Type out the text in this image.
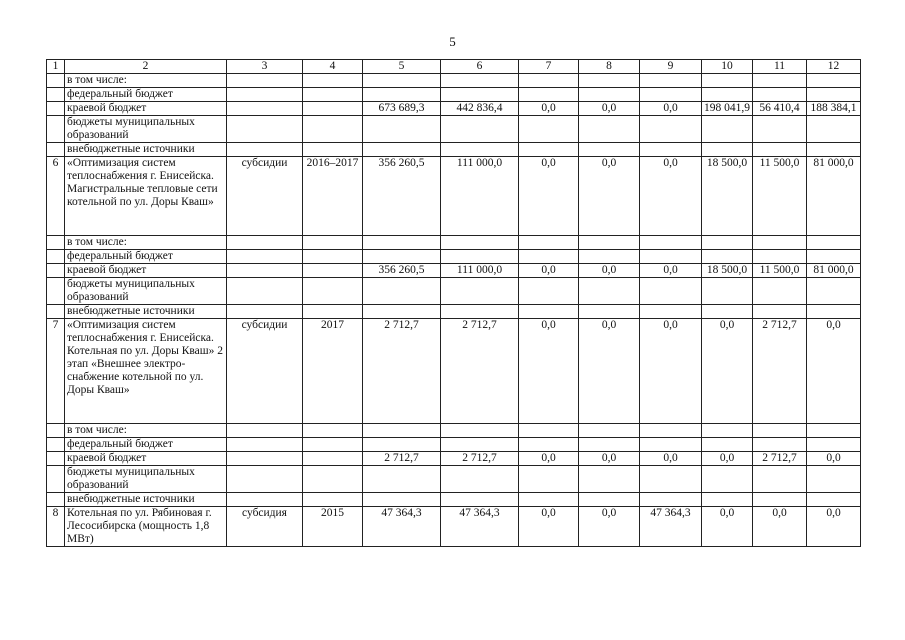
5
1	2	3	4	5	6	7	8	9	10	11	12
	в том числе:										
	федеральный бюджет										
	краевой бюджет			673 689,3	442 836,4	0,0	0,0	0,0	198 041,9	56 410,4	188 384,1
	бюджеты муниципальных образований										
	внебюджетные источники										
6	«Оптимизация систем теплоснабжения г. Енисейска. Магистральные тепловые сети котельной по ул. Доры Кваш»	субсидии	2016–2017	356 260,5	111 000,0	0,0	0,0	0,0	18 500,0	11 500,0	81 000,0
	в том числе:										
	федеральный бюджет										
	краевой бюджет			356 260,5	111 000,0	0,0	0,0	0,0	18 500,0	11 500,0	81 000,0
	бюджеты муниципальных образований										
	внебюджетные источники										
7	«Оптимизация систем теплоснабжения г. Енисейска. Котельная по ул. Доры Кваш» 2 этап «Внешнее электро-снабжение котельной по ул. Доры Кваш»	субсидии	2017	2 712,7	2 712,7	0,0	0,0	0,0	0,0	2 712,7	0,0
	в том числе:										
	федеральный бюджет										
	краевой бюджет			2 712,7	2 712,7	0,0	0,0	0,0	0,0	2 712,7	0,0
	бюджеты муниципальных образований										
	внебюджетные источники										
8	Котельная по ул. Рябиновая г. Лесосибирска (мощность 1,8 МВт)	субсидия	2015	47 364,3	47 364,3	0,0	0,0	47 364,3	0,0	0,0	0,0
